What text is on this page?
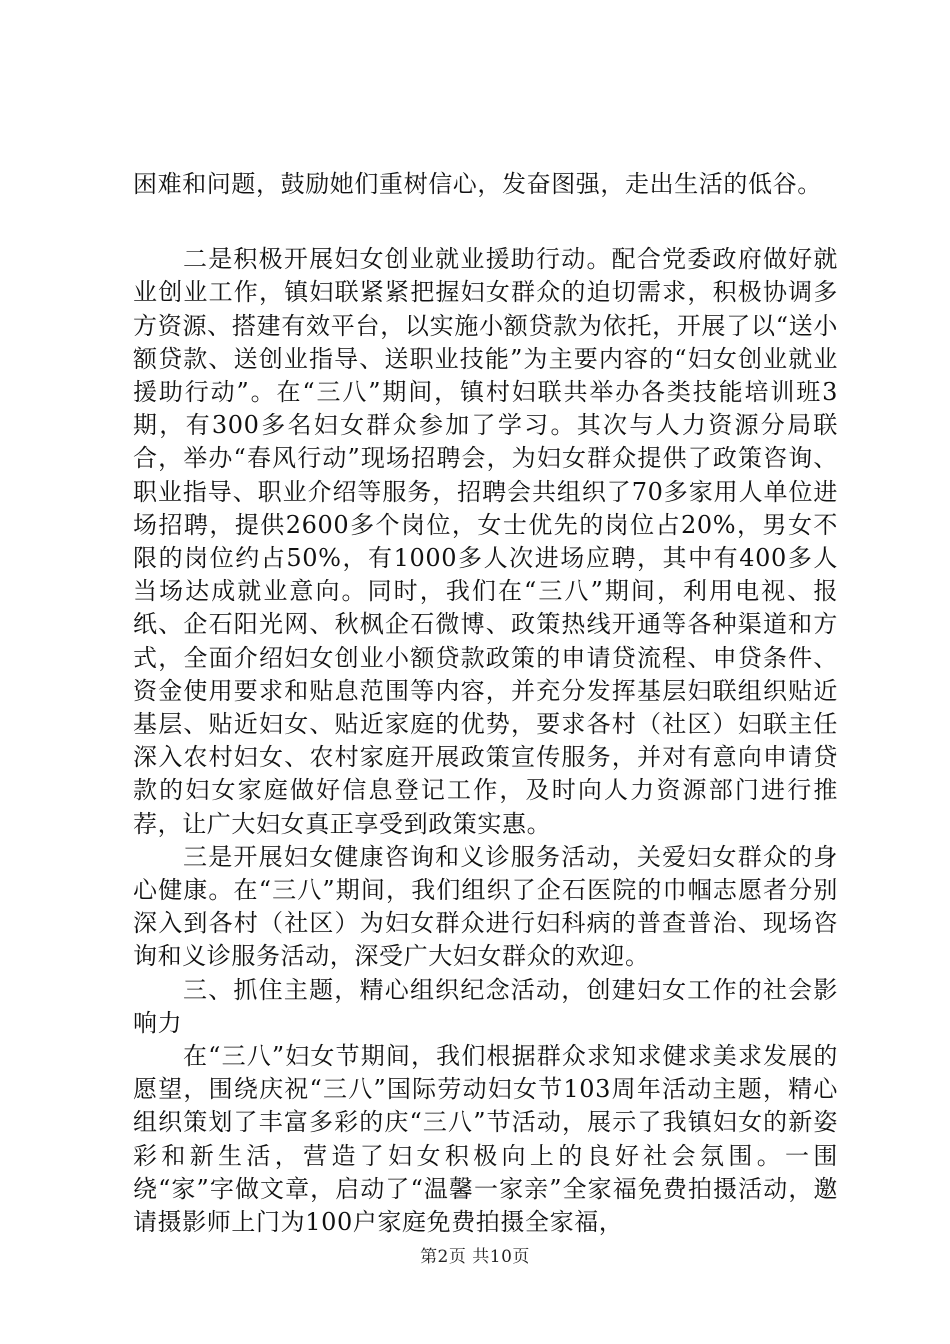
困难和问题，鼓励她们重树信心，发奋图强，走出生活的低谷。

二是积极开展妇女创业就业援助行动。配合党委政府做好就业创业工作，镇妇联紧紧把握妇女群众的迫切需求，积极协调多方资源、搭建有效平台，以实施小额贷款为依托，开展了以“送小额贷款、送创业指导、送职业技能”为主要内容的“妇女创业就业援助行动”。在“三八”期间，镇村妇联共举办各类技能培训班3期，有300多名妇女群众参加了学习。其次与人力资源分局联合，举办“春风行动”现场招聘会，为妇女群众提供了政策咨询、职业指导、职业介绍等服务，招聘会共组织了70多家用人单位进场招聘，提供2600多个岗位，女士优先的岗位占20%，男女不限的岗位约占50%，有1000多人次进场应聘，其中有400多人当场达成就业意向。同时，我们在“三八”期间，利用电视、报纸、企石阳光网、秋枫企石微博、政策热线开通等各种渠道和方式，全面介绍妇女创业小额贷款政策的申请贷流程、申贷条件、资金使用要求和贴息范围等内容，并充分发挥基层妇联组织贴近基层、贴近妇女、贴近家庭的优势，要求各村（社区）妇联主任深入农村妇女、农村家庭开展政策宣传服务，并对有意向申请贷款的妇女家庭做好信息登记工作，及时向人力资源部门进行推荐，让广大妇女真正享受到政策实惠。

三是开展妇女健康咨询和义诊服务活动，关爱妇女群众的身心健康。在“三八”期间，我们组织了企石医院的巾帼志愿者分别深入到各村（社区）为妇女群众进行妇科病的普查普治、现场咨询和义诊服务活动，深受广大妇女群众的欢迎。

三、抓住主题，精心组织纪念活动，创建妇女工作的社会影响力

在“三八”妇女节期间，我们根据群众求知求健求美求发展的愿望，围绕庆祝“三八”国际劳动妇女节103周年活动主题，精心组织策划了丰富多彩的庆“三八”节活动，展示了我镇妇女的新姿彩和新生活，营造了妇女积极向上的良好社会氛围。一围绕“家”字做文章，启动了“温馨一家亲”全家福免费拍摄活动，邀请摄影师上门为100户家庭免费拍摄全家福，

第2页 共10页
